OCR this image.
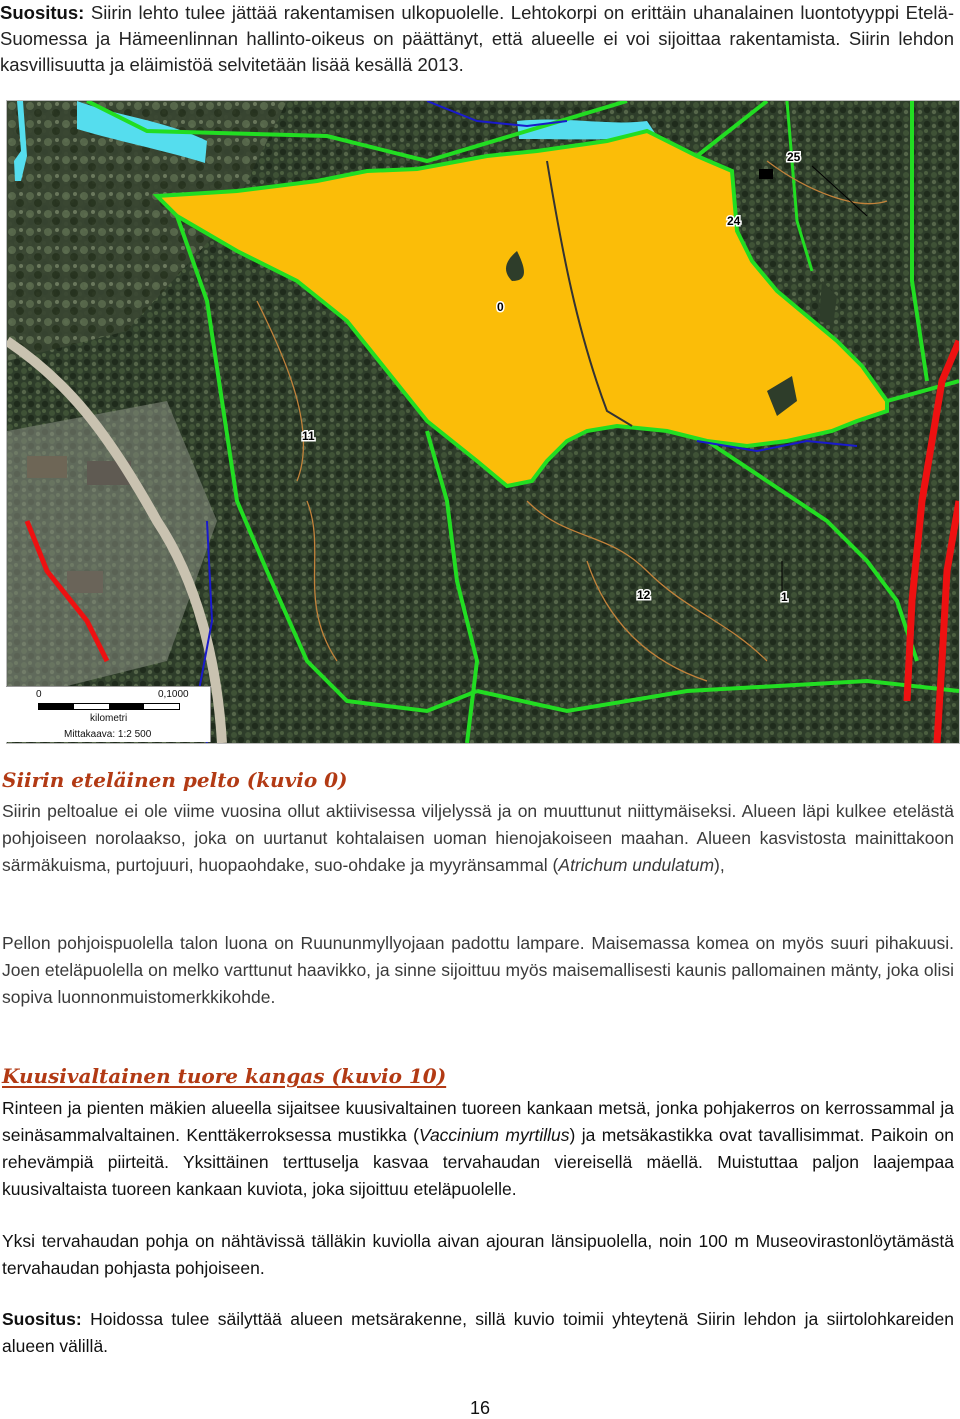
Suositus: Siirin lehto tulee jättää rakentamisen ulkopuolelle. Lehtokorpi on erittäin uhanalainen luontotyyppi Etelä-Suomessa ja Hämeenlinnan hallinto-oikeus on päättänyt, että alueelle ei voi sijoittaa rakentamista. Siirin lehdon kasvillisuutta ja eläimistöä selvitetään lisää kesällä 2013.
25
24
0
11
12	1
0	0,1000
kilometri
Mittakaava: 1:2 500
Siirin eteläinen pelto (kuvio 0)
Siirin peltoalue ei ole viime vuosina ollut aktiivisessa viljelyssä ja on muuttunut niittymäiseksi. Alueen läpi kulkee etelästä pohjoiseen norolaakso, joka on uurtanut kohtalaisen uoman hienojakoiseen maahan. Alueen kasvistosta mainittakoon särmäkuisma, purtojuuri, huopaohdake, suo-ohdake ja myyränsammal (Atrichum undulatum),
Pellon pohjoispuolella talon luona on Ruununmyllyojaan padottu lampare. Maisemassa komea on myös suuri pihakuusi. Joen eteläpuolella on melko varttunut haavikko, ja sinne sijoittuu myös maisemallisesti kaunis pallomainen mänty, joka olisi sopiva luonnonmuistomerkkikohde.
Kuusivaltainen tuore kangas (kuvio 10)
Rinteen ja pienten mäkien alueella sijaitsee kuusivaltainen tuoreen kankaan metsä, jonka pohjakerros on kerrossammal ja seinäsammalvaltainen. Kenttäkerroksessa mustikka (Vaccinium myrtillus) ja metsäkastikka ovat tavallisimmat. Paikoin on rehevämpiä piirteitä. Yksittäinen terttuselja kasvaa tervahaudan viereisellä mäellä. Muistuttaa paljon laajempaa kuusivaltaista tuoreen kankaan kuviota, joka sijoittuu eteläpuolelle.
Yksi tervahaudan pohja on nähtävissä tälläkin kuviolla aivan ajouran länsipuolella, noin 100 m Museovirastonlöytämästä tervahaudan pohjasta pohjoiseen.
Suositus: Hoidossa tulee säilyttää alueen metsärakenne, sillä kuvio toimii yhteytenä Siirin lehdon ja siirtolohkareiden alueen välillä.
16
